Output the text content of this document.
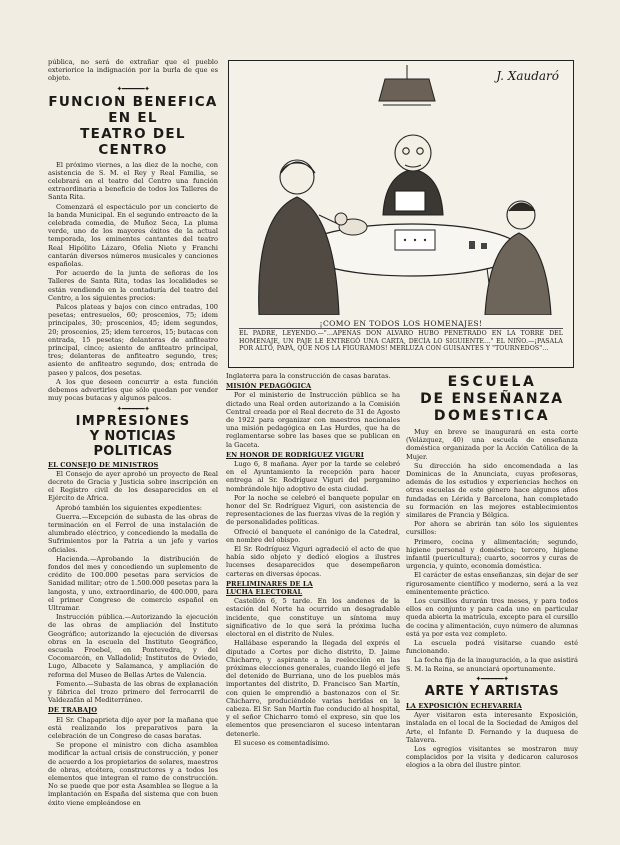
pública, no será de extrañar que el pueblo exteriorice la indignación por la burla de que es objeto.

✦━━━━━━✦
FUNCION BENEFICA
EN EL
TEATRO DEL CENTRO

El próximo viernes, a las diez de la noche, con asistencia de S. M. el Rey y Real Familia, se celebrará en el teatro del Centro una función extraordinaria a beneficio de todos los Talleres de Santa Rita.

Comenzará el espectáculo por un concierto de la banda Municipal. En el segundo entreacto de la celebrada comedia, de Muñoz Seca, La pluma verde, uno de los mayores éxitos de la actual temporada, los eminentes cantantes del teatro Real Hipólito Lázaro, Ofelia Nieto y Franchi cantarán diversos números musicales y canciones españolas.

Por acuerdo de la junta de señoras de los Talleres de Santa Rita, todas las localidades se están vendiendo en la contaduría del teatro del Centro, a los siguientes precios:

Palcos plateas y bajos con cinco entradas, 100 pesetas; entresuelos, 60; proscenios, 75; idem principales, 30; proscenios, 45; idem segundos, 20; proscenios, 25; idem terceros, 15; butacas con entrada, 15 pesetas; delanteras de anfiteatro principal, cinco; asiento de anfiteatro principal, tres; delanteras de anfiteatro segundo, tres; asiento de anfiteatro segundo, dos; entrada de paseo y palcos, dos pesetas.

A los que deseen concurrir a esta función debemos advertirles que sólo quedan por vender muy pocas butacas y algunos palcos.

✦━━━━━━✦
IMPRESIONES
Y NOTICIAS POLITICAS
EL CONSEJO DE MINISTROS

El Consejo de ayer aprobó un proyecto de Real decreto de Gracia y Justicia sobre inscripción en el Registro civil de los desaparecidos en el Ejército de Africa.

Aprobó también los siguientes expedientes:

Guerra.—Excepción de subasta de las obras de terminación en el Ferrol de una instalación de alumbrado eléctrico, y concediendo la medalla de Sufrimientos por la Patria a un jefe y varios oficiales.

Hacienda.—Aprobando la distribución de fondos del mes y concediendo un suplemento de crédito de 100.000 pesetas para servicios de Sanidad militar; otro de 1.500.000 pesetas para la langosta, y uno, extraordinario, de 400.000, para el primer Congreso de comercio español en Ultramar.

Instrucción pública.—Autorizando la ejecución de las obras de ampliación del Instituto Geográfico; autorizando la ejecución de diversas obras en la escuela del Instituto Geográfico, escuela Froebel, en Pontevedra, y del Cocomarcón, en Valladolid; Institutos de Oviedo, Lugo, Albacete y Salamanca, y ampliación de reforma del Museo de Bellas Artes de Valencia.

Fomento.—Subasta de las obras de explanación y fábrica del trozo primero del ferrocarril de Valdezafán al Mediterráneo.

DE TRABAJO

El Sr. Chapaprieta dijo ayer por la mañana que está realizando los preparativos para la celebración de un Congreso de casas baratas.

Se propone el ministro con dicha asamblea modificar la actual crisis de construcción, y poner de acuerdo a los propietarios de solares, maestros de obras, etcétera, constructores y a todos los elementos que integran el ramo de construcción. No se puede que por esta Asamblea se llegue a la implantación en España del sistema que con buen éxito viene empleándose en

J. Xaudaró
¡COMO EN TODOS LOS HOMENAJES!
EL PADRE, LEYENDO.—"...APENAS DON ALVARO HUBO PENETRADO EN LA TORRE DEL HOMENAJE, UN PAJE LE ENTREGÓ UNA CARTA, DECÍA LO SIGUIENTE..." EL NIÑO.—¡PASALA POR ALTO, PAPÁ, QUE NOS LA FIGURAMOS! MERLUZA CON GUISANTES Y "TOURNEDOS"...

Inglaterra para la construcción de casas baratas.

MISIÓN PEDAGÓGICA

Por el ministerio de Instrucción pública se ha dictado una Real orden autorizando a la Comisión Central creada por el Real decreto de 31 de Agosto de 1922 para organizar con maestros nacionales una misión pedagógica en Las Hurdes, que ha de reglamentarse sobre las bases que se publican en la Gaceta.

EN HONOR DE RODRÍGUEZ VIGURI

Lugo 6, 8 mañana. Ayer por la tarde se celebró en el Ayuntamiento la recepción para hacer entrega al Sr. Rodríguez Viguri del pergamino nombrándole hijo adoptivo de esta ciudad.

Por la noche se celebró el banquete popular en honor del Sr. Rodríguez Viguri, con asistencia de representaciones de las fuerzas vivas de la región y de personalidades políticas.

Ofreció el banquete el canónigo de la Catedral, en nombre del obispo.

El Sr. Rodríguez Viguri agradeció el acto de que había sido objeto y dedicó elogios a ilustres lucenses desaparecidos que desempeñaron carteras en diversas épocas.

PRELIMINARES DE LA
LUCHA ELECTORAL

Castellón 6, 5 tarde. En los andenes de la estación del Norte ha ocurrido un desagradable incidente, que constituye un síntoma muy significativo de lo que será la próxima lucha electoral en el distrito de Nules.

Hallábase esperando la llegada del exprés el diputado a Cortes por dicho distrito, D. Jaime Chicharro, y aspirante a la reelección en las próximas elecciones generales, cuando llegó el jefe del detenido de Burriana, uno de los pueblos más importantes del distrito, D. Francisco San Martín, con quien le emprendió a bastonazos con el Sr. Chicharro, produciéndole varias heridas en la cabeza. El Sr. San Martín fue conducido al hospital, y el señor Chicharro tomó el expreso, sin que los elementos que presenciaron el suceso intentaran detenerle.

El suceso es comentadísimo.

ESCUELA
DE ENSEÑANZA
DOMESTICA

Muy en breve se inaugurará en esta corte (Velázquez, 40) una escuela de enseñanza doméstica organizada por la Acción Católica de la Mujer.

Su dirección ha sido encomendada a las Dominicas de la Anunciata, cuyas profesoras, además de los estudios y experiencias hechos en otras escuelas de este género hace algunos años fundadas en Lérida y Barcelona, han completado su formación en las mejores establecimientos similares de Francia y Bélgica.

Por ahora se abrirán tan sólo los siguientes cursillos:

Primero, cocina y alimentación; segundo, higiene personal y doméstica; tercero, higiene infantil (puericultura); cuarto, socorros y curas de urgencia, y quinto, economía doméstica.

El carácter de estas enseñanzas, sin dejar de ser rigurosamente científico y moderno, será a la vez eminentemente práctico.

Los cursillos durarán tres meses, y para todos ellos en conjunto y para cada uno en particular queda abierta la matrícula, excepto para el cursillo de cocina y alimentación, cuyo número de alumnas está ya por esta vez completo.

La escuela podrá visitarse cuando esté funcionando.

La fecha fija de la inauguración, a la que asistirá S. M. la Reina, se anunciará oportunamente.

✦━━━━━━✦
ARTE Y ARTISTAS
LA EXPOSICIÓN ECHEVARRÍA

Ayer visitaron esta interesante Exposición, instalada en el local de la Sociedad de Amigos del Arte, el Infante D. Fernando y la duquesa de Talavera.

Los egregios visitantes se mostraron muy complacidos por la visita y dedicaron calurosos elogios a la obra del ilustre pintor.
